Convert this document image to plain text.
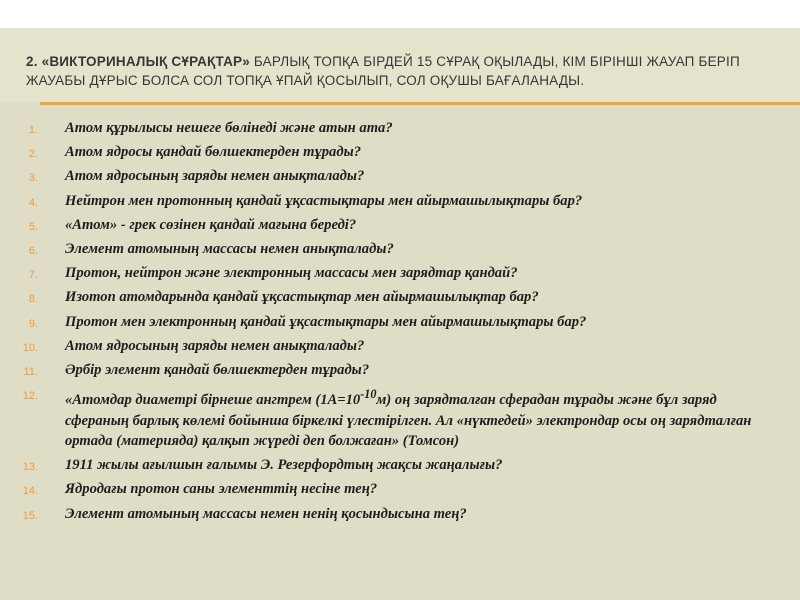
2. «ВИКТОРИНАЛЫҚ СҰРАҚТАР» БАРЛЫҚ ТОПҚА БІРДЕЙ 15 СҰРАҚ ОҚЫЛАДЫ, КІМ БІРІНШІ ЖАУАП БЕРІП ЖАУАБЫ ДҰРЫС БОЛСА СОЛ ТОПҚА ҰПАЙ ҚОСЫЛЫП, СОЛ ОҚУШЫ БАҒАЛАНАДЫ.

1. Атом құрылысы нешеге бөлінеді және атын ата?
2. Атом ядросы қандай бөлшектерден тұрады?
3. Атом ядросының заряды немен анықталады?
4. Нейтрон мен протонның қандай ұқсастықтары мен айырмашылықтары бар?
5. «Атом» - грек сөзінен қандай мағына береді?
6. Элемент атомының массасы немен анықталады?
7. Протон, нейтрон және электронның массасы мен зарядтар қандай?
8. Изотоп атомдарында қандай ұқсастықтар мен айырмашылықтар бар?
9. Протон мен электронның қандай ұқсастықтары мен айырмашылықтары бар?
10. Атом ядросының заряды немен анықталады?
11. Әрбір элемент қандай бөлшектерден тұрады?
12. «Атомдар диаметрі бірнеше ангтрем $(1А=10^{-10}м)$ оң зарядталған сферадан тұрады және бұл заряд сфераның барлық көлемі бойынша біркелкі үлестірілген. Ал «нүктедей» электрондар осы оң зарядталған ортада (материяда) қалқып жүреді деп болжаған» (Томсон)
13. 1911 жылы ағылшын ғалымы Э. Резерфордтың жақсы жаңалығы?
14. Ядродағы протон саны элементтің несіне тең?
15. Элемент атомының массасы немен ненің қосындысына тең?
